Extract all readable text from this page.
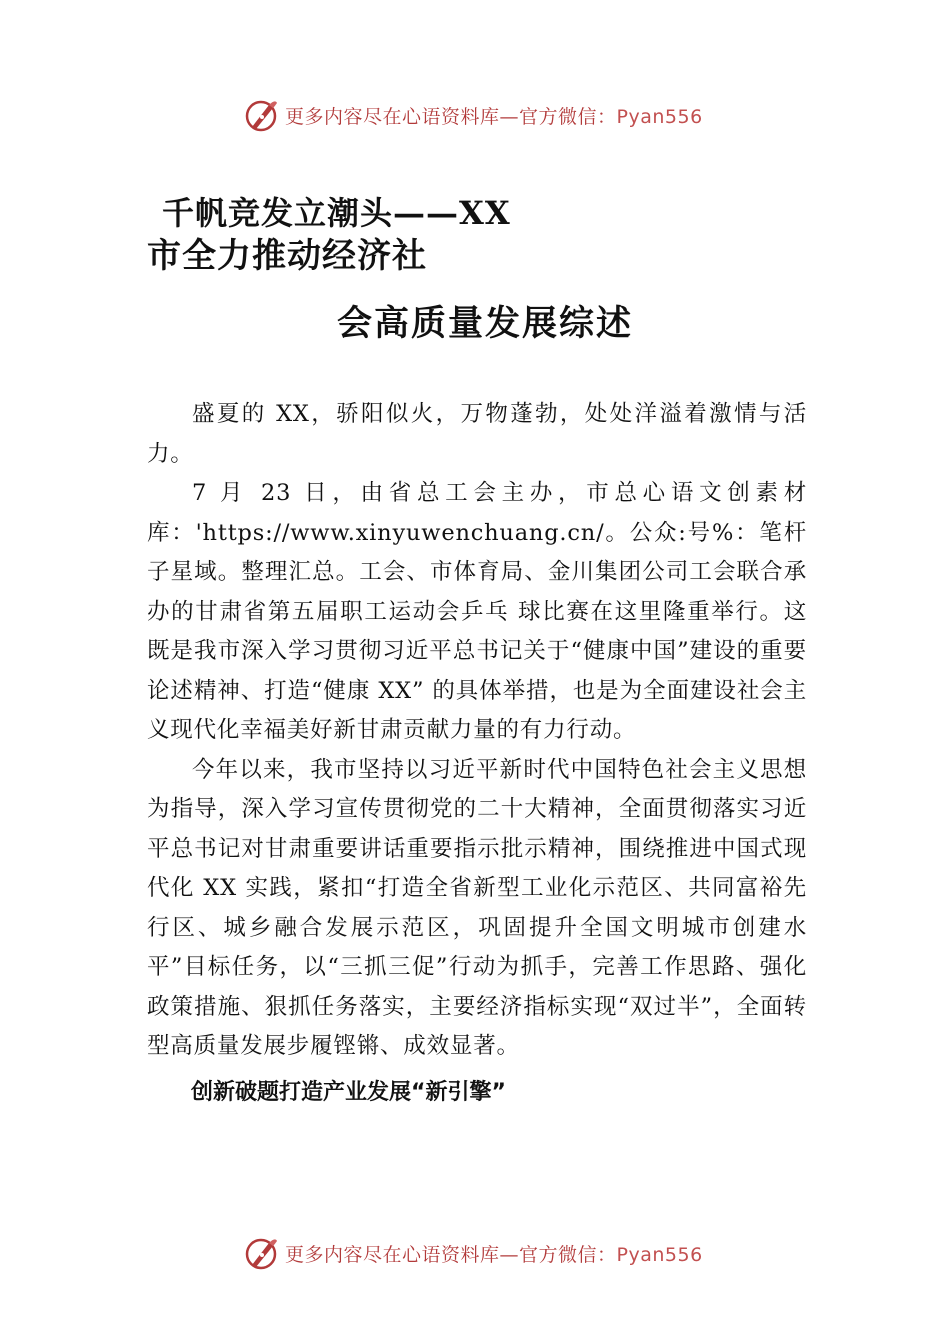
更多内容尽在心语资料库—官方微信：Pyan556
千帆竞发立潮头——XX
市全力推动经济社
会高质量发展综述

盛夏的 XX，骄阳似火，万物蓬勃，处处洋溢着激情与活力。

7 月 23 日，由省总工会主办，市总心语文创素材库：'https://www.xinyuwenchuang.cn/。公众:号%：笔杆子星域。整理汇总。工会、市体育局、金川集团公司工会联合承办的甘肃省第五届职工运动会乒乓 球比赛在这里隆重举行。这既是我市深入学习贯彻习近平总书记关于“健康中国”建设的重要论述精神、打造“健康 XX” 的具体举措，也是为全面建设社会主义现代化幸福美好新甘肃贡献力量的有力行动。

今年以来，我市坚持以习近平新时代中国特色社会主义思想为指导，深入学习宣传贯彻党的二十大精神，全面贯彻落实习近平总书记对甘肃重要讲话重要指示批示精神，围绕推进中国式现代化 XX 实践，紧扣“打造全省新型工业化示范区、共同富裕先行区、城乡融合发展示范区，巩固提升全国文明城市创建水平”目标任务，以“三抓三促”行动为抓手，完善工作思路、强化政策措施、狠抓任务落实，主要经济指标实现“双过半”，全面转型高质量发展步履铿锵、成效显著。

创新破题打造产业发展“新引擎”

更多内容尽在心语资料库—官方微信：Pyan556
